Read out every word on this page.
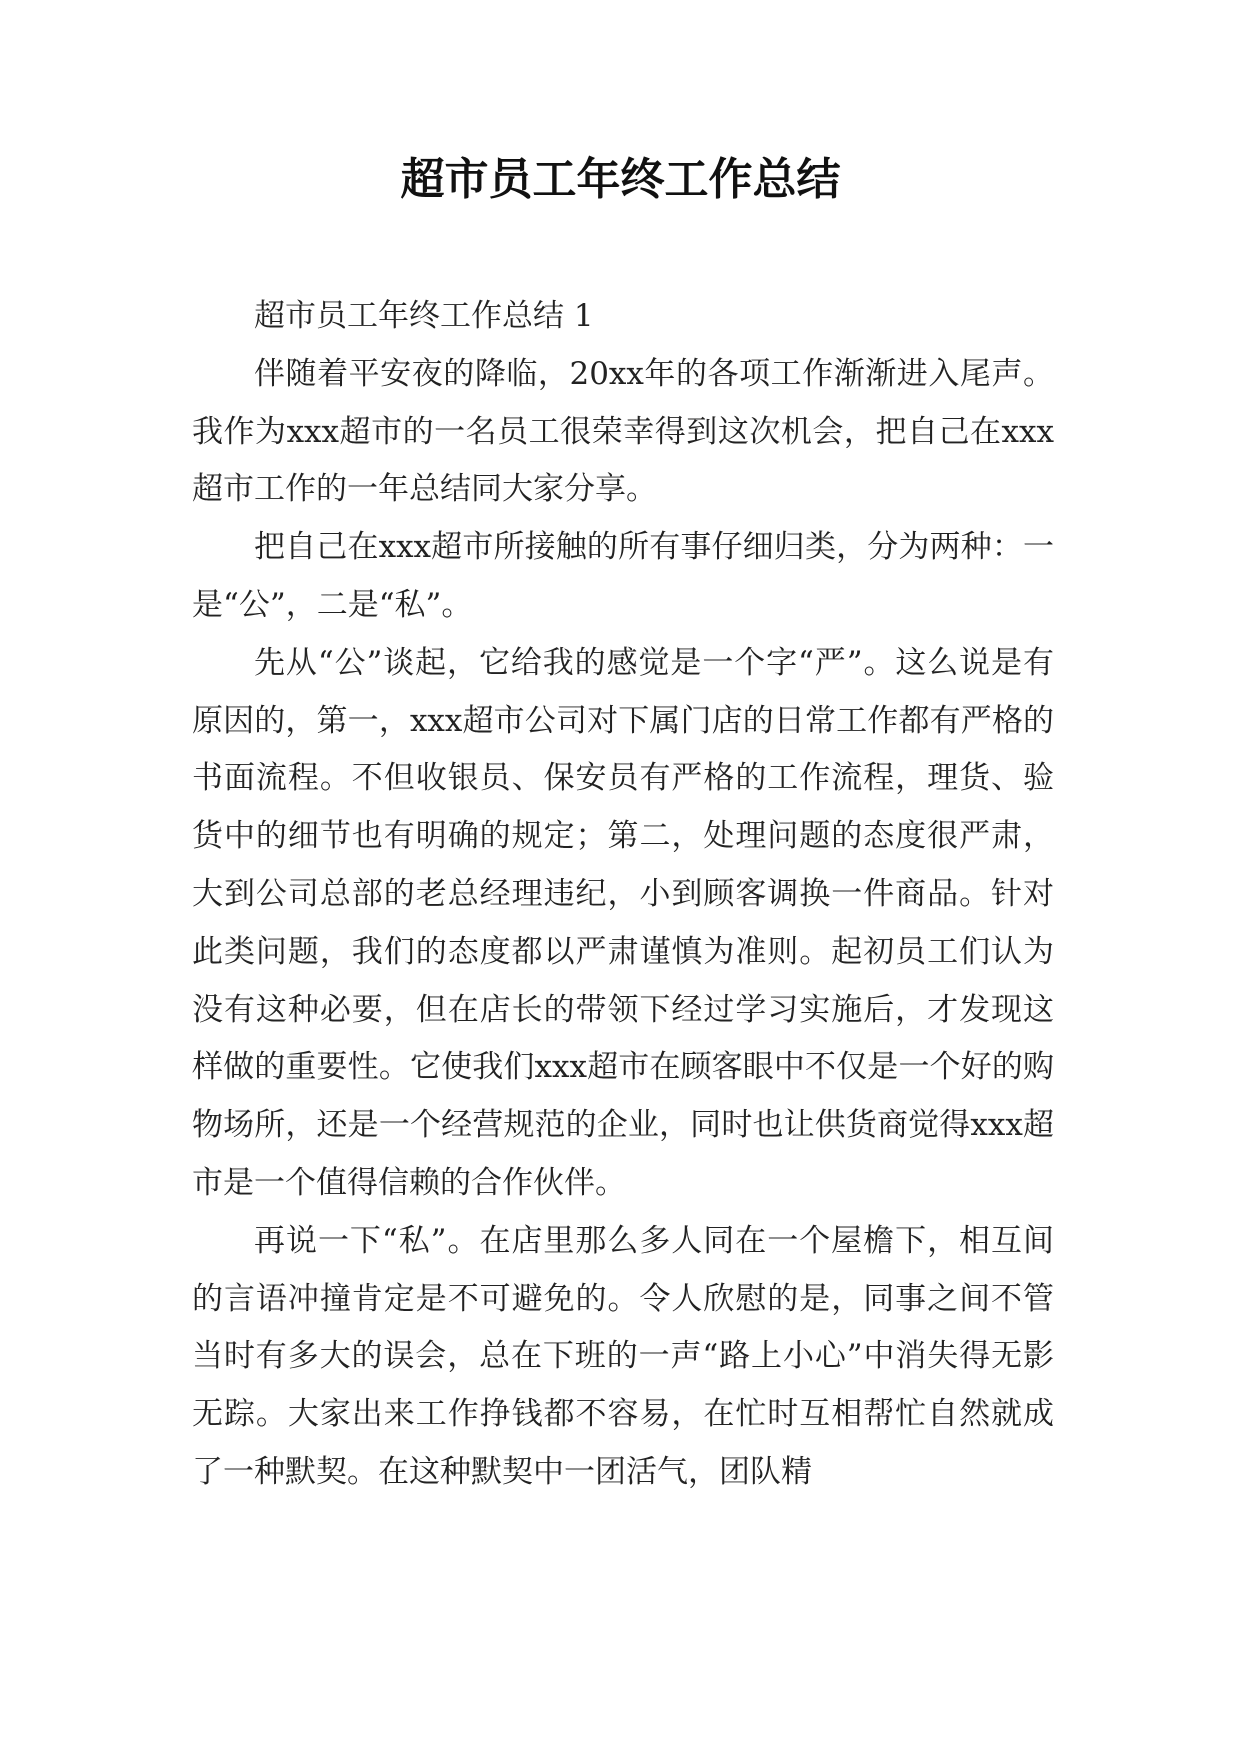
超市员工年终工作总结

超市员工年终工作总结 1

伴随着平安夜的降临，20xx年的各项工作渐渐进入尾声。我作为xxx超市的一名员工很荣幸得到这次机会，把自己在xxx超市工作的一年总结同大家分享。

把自己在xxx超市所接触的所有事仔细归类，分为两种：一是“公”，二是“私”。

先从“公”谈起，它给我的感觉是一个字“严”。这么说是有原因的，第一，xxx超市公司对下属门店的日常工作都有严格的书面流程。不但收银员、保安员有严格的工作流程，理货、验货中的细节也有明确的规定；第二，处理问题的态度很严肃，大到公司总部的老总经理违纪，小到顾客调换一件商品。针对此类问题，我们的态度都以严肃谨慎为准则。起初员工们认为没有这种必要，但在店长的带领下经过学习实施后，才发现这样做的重要性。它使我们xxx超市在顾客眼中不仅是一个好的购物场所，还是一个经营规范的企业，同时也让供货商觉得xxx超市是一个值得信赖的合作伙伴。

再说一下“私”。在店里那么多人同在一个屋檐下，相互间的言语冲撞肯定是不可避免的。令人欣慰的是，同事之间不管当时有多大的误会，总在下班的一声“路上小心”中消失得无影无踪。大家出来工作挣钱都不容易，在忙时互相帮忙自然就成了一种默契。在这种默契中一团活气，团队精
